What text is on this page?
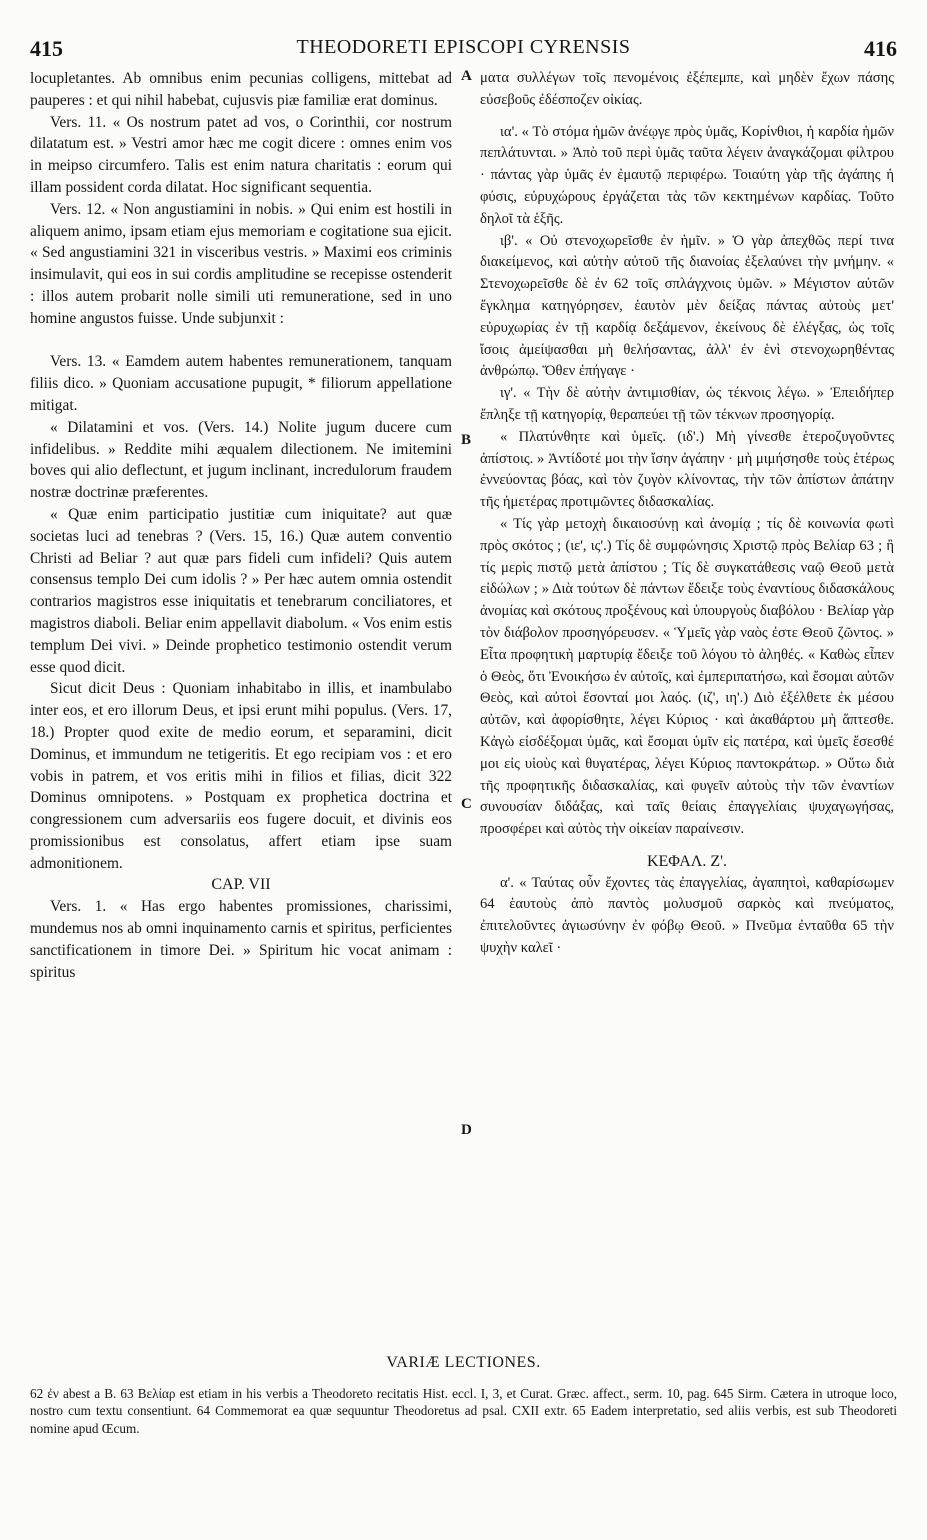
415	THEODORETI EPISCOPI CYRENSIS	416

locupletantes. Ab omnibus enim pecunias colligens, mittebat ad pauperes : et qui nihil habebat, cujusvis piæ familiæ erat dominus.

Vers. 11. « Os nostrum patet ad vos, o Corinthii, cor nostrum dilatatum est. » Vestri amor hæc me cogit dicere : omnes enim vos in meipso circumfero. Talis est enim natura charitatis : eorum qui illam possident corda dilatat. Hoc significant sequentia.

Vers. 12. « Non angustiamini in nobis. » Qui enim est hostili in aliquem animo, ipsam etiam ejus memoriam e cogitatione sua ejicit. « Sed angustiamini 321 in visceribus vestris. » Maximi eos criminis insimulavit, qui eos in sui cordis amplitudine se recepisse ostenderit : illos autem probarit nolle simili uti remuneratione, sed in uno homine angustos fuisse. Unde subjunxit :

Vers. 13. « Eamdem autem habentes remunerationem, tanquam filiis dico. » Quoniam accusatione pupugit, * filiorum appellatione mitigat.

« Dilatamini et vos. (Vers. 14.) Nolite jugum ducere cum infidelibus. » Reddite mihi æqualem dilectionem. Ne imitemini boves qui alio deflectunt, et jugum inclinant, incredulorum fraudem nostræ doctrinæ præferentes.

« Quæ enim participatio justitiæ cum iniquitate? aut quæ societas luci ad tenebras ? (Vers. 15, 16.) Quæ autem conventio Christi ad Beliar ? aut quæ pars fideli cum infideli? Quis autem consensus templo Dei cum idolis ? » Per hæc autem omnia ostendit contrarios magistros esse iniquitatis et tenebrarum conciliatores, et magistros diaboli. Beliar enim appellavit diabolum. « Vos enim estis templum Dei vivi. » Deinde prophetico testimonio ostendit verum esse quod dicit.

Sicut dicit Deus : Quoniam inhabitabo in illis, et inambulabo inter eos, et ero illorum Deus, et ipsi erunt mihi populus. (Vers. 17, 18.) Propter quod exite de medio eorum, et separamini, dicit Dominus, et immundum ne tetigeritis. Et ego recipiam vos : et ero vobis in patrem, et vos eritis mihi in filios et filias, dicit 322 Dominus omnipotens. » Postquam ex prophetica doctrina et congressionem cum adversariis eos fugere docuit, et divinis eos promissionibus est consolatus, affert etiam ipse suam admonitionem.

CAP. VII

Vers. 1. « Has ergo habentes promissiones, charissimi, mundemus nos ab omni inquinamento carnis et spiritus, perficientes sanctificationem in timore Dei. » Spiritum hic vocat animam : spiritus

ματα συλλέγων τοῖς πενομένοις ἐξέπεμπε, καὶ μηδὲν ἔχων πάσης εὐσεβοῦς ἐδέσποζεν οἰκίας.

ια'. « Τὸ στόμα ἡμῶν ἀνέῳγε πρὸς ὑμᾶς, Κορίνθιοι, ἡ καρδία ἡμῶν πεπλάτυνται. » Ἀπὸ τοῦ περὶ ὑμᾶς ταῦτα λέγειν ἀναγκάζομαι φίλτρου · πάντας γὰρ ὑμᾶς ἐν ἐμαυτῷ περιφέρω. Τοιαύτη γὰρ τῆς ἀγάπης ἡ φύσις, εὐρυχώρους ἐργάζεται τὰς τῶν κεκτημένων καρδίας. Τοῦτο δηλοῖ τὰ ἑξῆς.

ιβ'. « Οὐ στενοχωρεῖσθε ἐν ἡμῖν. » Ὁ γὰρ ἀπεχθῶς περί τινα διακείμενος, καὶ αὐτὴν αὐτοῦ τῆς διανοίας ἐξελαύνει τὴν μνήμην. « Στενοχωρεῖσθε δὲ ἐν 62 τοῖς σπλάγχνοις ὑμῶν. » Μέγιστον αὐτῶν ἔγκλημα κατηγόρησεν, ἑαυτὸν μὲν δείξας πάντας αὐτοὺς μετ' εὐρυχωρίας ἐν τῇ καρδίᾳ δεξάμενον, ἐκείνους δὲ ἐλέγξας, ὡς τοῖς ἴσοις ἀμείψασθαι μὴ θελήσαντας, ἀλλ' ἐν ἑνὶ στενοχωρηθέντας ἀνθρώπῳ. Ὅθεν ἐπήγαγε ·

ιγ'. « Τὴν δὲ αὐτὴν ἀντιμισθίαν, ὡς τέκνοις λέγω. » Ἐπειδήπερ ἔπληξε τῇ κατηγορίᾳ, θεραπεύει τῇ τῶν τέκνων προσηγορίᾳ.

« Πλατύνθητε καὶ ὑμεῖς. (ιδ'.) Μὴ γίνεσθε ἑτεροζυγοῦντες ἀπίστοις. » Ἀντίδοτέ μοι τὴν ἴσην ἀγάπην · μὴ μιμήσησθε τοὺς ἑτέρως ἐννεύοντας βόας, καὶ τὸν ζυγὸν κλίνοντας, τὴν τῶν ἀπίστων ἀπάτην τῆς ἡμετέρας προτιμῶντες διδασκαλίας.

« Τίς γὰρ μετοχὴ δικαιοσύνῃ καὶ ἀνομίᾳ ; τίς δὲ κοινωνία φωτὶ πρὸς σκότος ; (ιε', ις'.) Τίς δὲ συμφώνησις Χριστῷ πρὸς Βελίαρ 63 ; ἢ τίς μερὶς πιστῷ μετὰ ἀπίστου ; Τίς δὲ συγκατάθεσις ναῷ Θεοῦ μετὰ εἰδώλων ; » Διὰ τούτων δὲ πάντων ἔδειξε τοὺς ἐναντίους διδασκάλους ἀνομίας καὶ σκότους προξένους καὶ ὑπουργοὺς διαβόλου · Βελίαρ γὰρ τὸν διάβολον προσηγόρευσεν. « Ὑμεῖς γὰρ ναὸς ἐστε Θεοῦ ζῶντος. » Εἶτα προφητικὴ μαρτυρίᾳ ἔδειξε τοῦ λόγου τὸ ἀληθές. « Καθὼς εἶπεν ὁ Θεὸς, ὅτι Ἐνοικήσω ἐν αὐτοῖς, καὶ ἐμπεριπατήσω, καὶ ἔσομαι αὐτῶν Θεὸς, καὶ αὐτοὶ ἔσονταί μοι λαός. (ιζ', ιη'.) Διὸ ἐξέλθετε ἐκ μέσου αὐτῶν, καὶ ἀφορίσθητε, λέγει Κύριος · καὶ ἀκαθάρτου μὴ ἅπτεσθε. Κἀγὼ εἰσδέξομαι ὑμᾶς, καὶ ἔσομαι ὑμῖν εἰς πατέρα, καὶ ὑμεῖς ἔσεσθέ μοι εἰς υἱοὺς καὶ θυγατέρας, λέγει Κύριος παντοκράτωρ. » Οὕτω διὰ τῆς προφητικῆς διδασκαλίας, καὶ φυγεῖν αὐτοὺς τὴν τῶν ἐναντίων συνουσίαν διδάξας, καὶ ταῖς θείαις ἐπαγγελίαις ψυχαγωγήσας, προσφέρει καὶ αὐτὸς τὴν οἰκείαν παραίνεσιν.

ΚΕΦΑΛ. Ζ'.

α'. « Ταύτας οὖν ἔχοντες τὰς ἐπαγγελίας, ἀγαπητοὶ, καθαρίσωμεν 64 ἑαυτοὺς ἀπὸ παντὸς μολυσμοῦ σαρκὸς καὶ πνεύματος, ἐπιτελοῦντες ἁγιωσύνην ἐν φόβῳ Θεοῦ. » Πνεῦμα ἐνταῦθα 65 τὴν ψυχὴν καλεῖ ·

A
B
C
D
VARIÆ LECTIONES.

62 ἐν abest a B. 63 Βελίαρ est etiam in his verbis a Theodoreto recitatis Hist. eccl. I, 3, et Curat. Græc. affect., serm. 10, pag. 645 Sirm. Cætera in utroque loco, nostro cum textu consentiunt. 64 Commemorat ea quæ sequuntur Theodoretus ad psal. CXII extr. 65 Eadem interpretatio, sed aliis verbis, est sub Theodoreti nomine apud Œcum.
